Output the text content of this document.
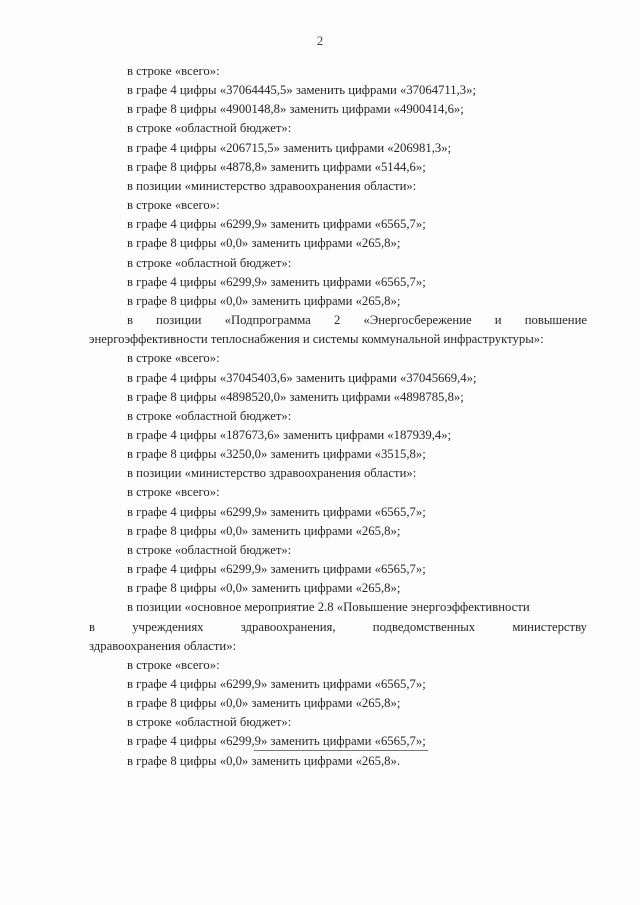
2
в строке «всего»:
в графе 4 цифры «37064445,5» заменить цифрами «37064711,3»;
в графе 8 цифры «4900148,8» заменить цифрами «4900414,6»;
в строке «областной бюджет»:
в графе 4 цифры «206715,5» заменить цифрами «206981,3»;
в графе 8 цифры «4878,8» заменить цифрами «5144,6»;
в позиции «министерство здравоохранения области»:
в строке «всего»:
в графе 4 цифры «6299,9» заменить цифрами «6565,7»;
в графе 8 цифры «0,0» заменить цифрами «265,8»;
в строке «областной бюджет»:
в графе 4 цифры «6299,9» заменить цифрами «6565,7»;
в графе 8 цифры «0,0» заменить цифрами «265,8»;
в позиции «Подпрограмма 2 «Энергосбережение и повышение
энергоэффективности теплоснабжения и системы коммунальной инфраструктуры»:
в строке «всего»:
в графе 4 цифры «37045403,6» заменить цифрами «37045669,4»;
в графе 8 цифры «4898520,0» заменить цифрами «4898785,8»;
в строке «областной бюджет»:
в графе 4 цифры «187673,6» заменить цифрами «187939,4»;
в графе 8 цифры «3250,0» заменить цифрами «3515,8»;
в позиции «министерство здравоохранения области»:
в строке «всего»:
в графе 4 цифры «6299,9» заменить цифрами «6565,7»;
в графе 8 цифры «0,0» заменить цифрами «265,8»;
в строке «областной бюджет»:
в графе 4 цифры «6299,9» заменить цифрами «6565,7»;
в графе 8 цифры «0,0» заменить цифрами «265,8»;
в позиции «основное мероприятие 2.8 «Повышение энергоэффективности
в учреждениях здравоохранения, подведомственных министерству
здравоохранения области»:
в строке «всего»:
в графе 4 цифры «6299,9» заменить цифрами «6565,7»;
в графе 8 цифры «0,0» заменить цифрами «265,8»;
в строке «областной бюджет»:
в графе 4 цифры «6299,9» заменить цифрами «6565,7»;
в графе 8 цифры «0,0» заменить цифрами «265,8».
